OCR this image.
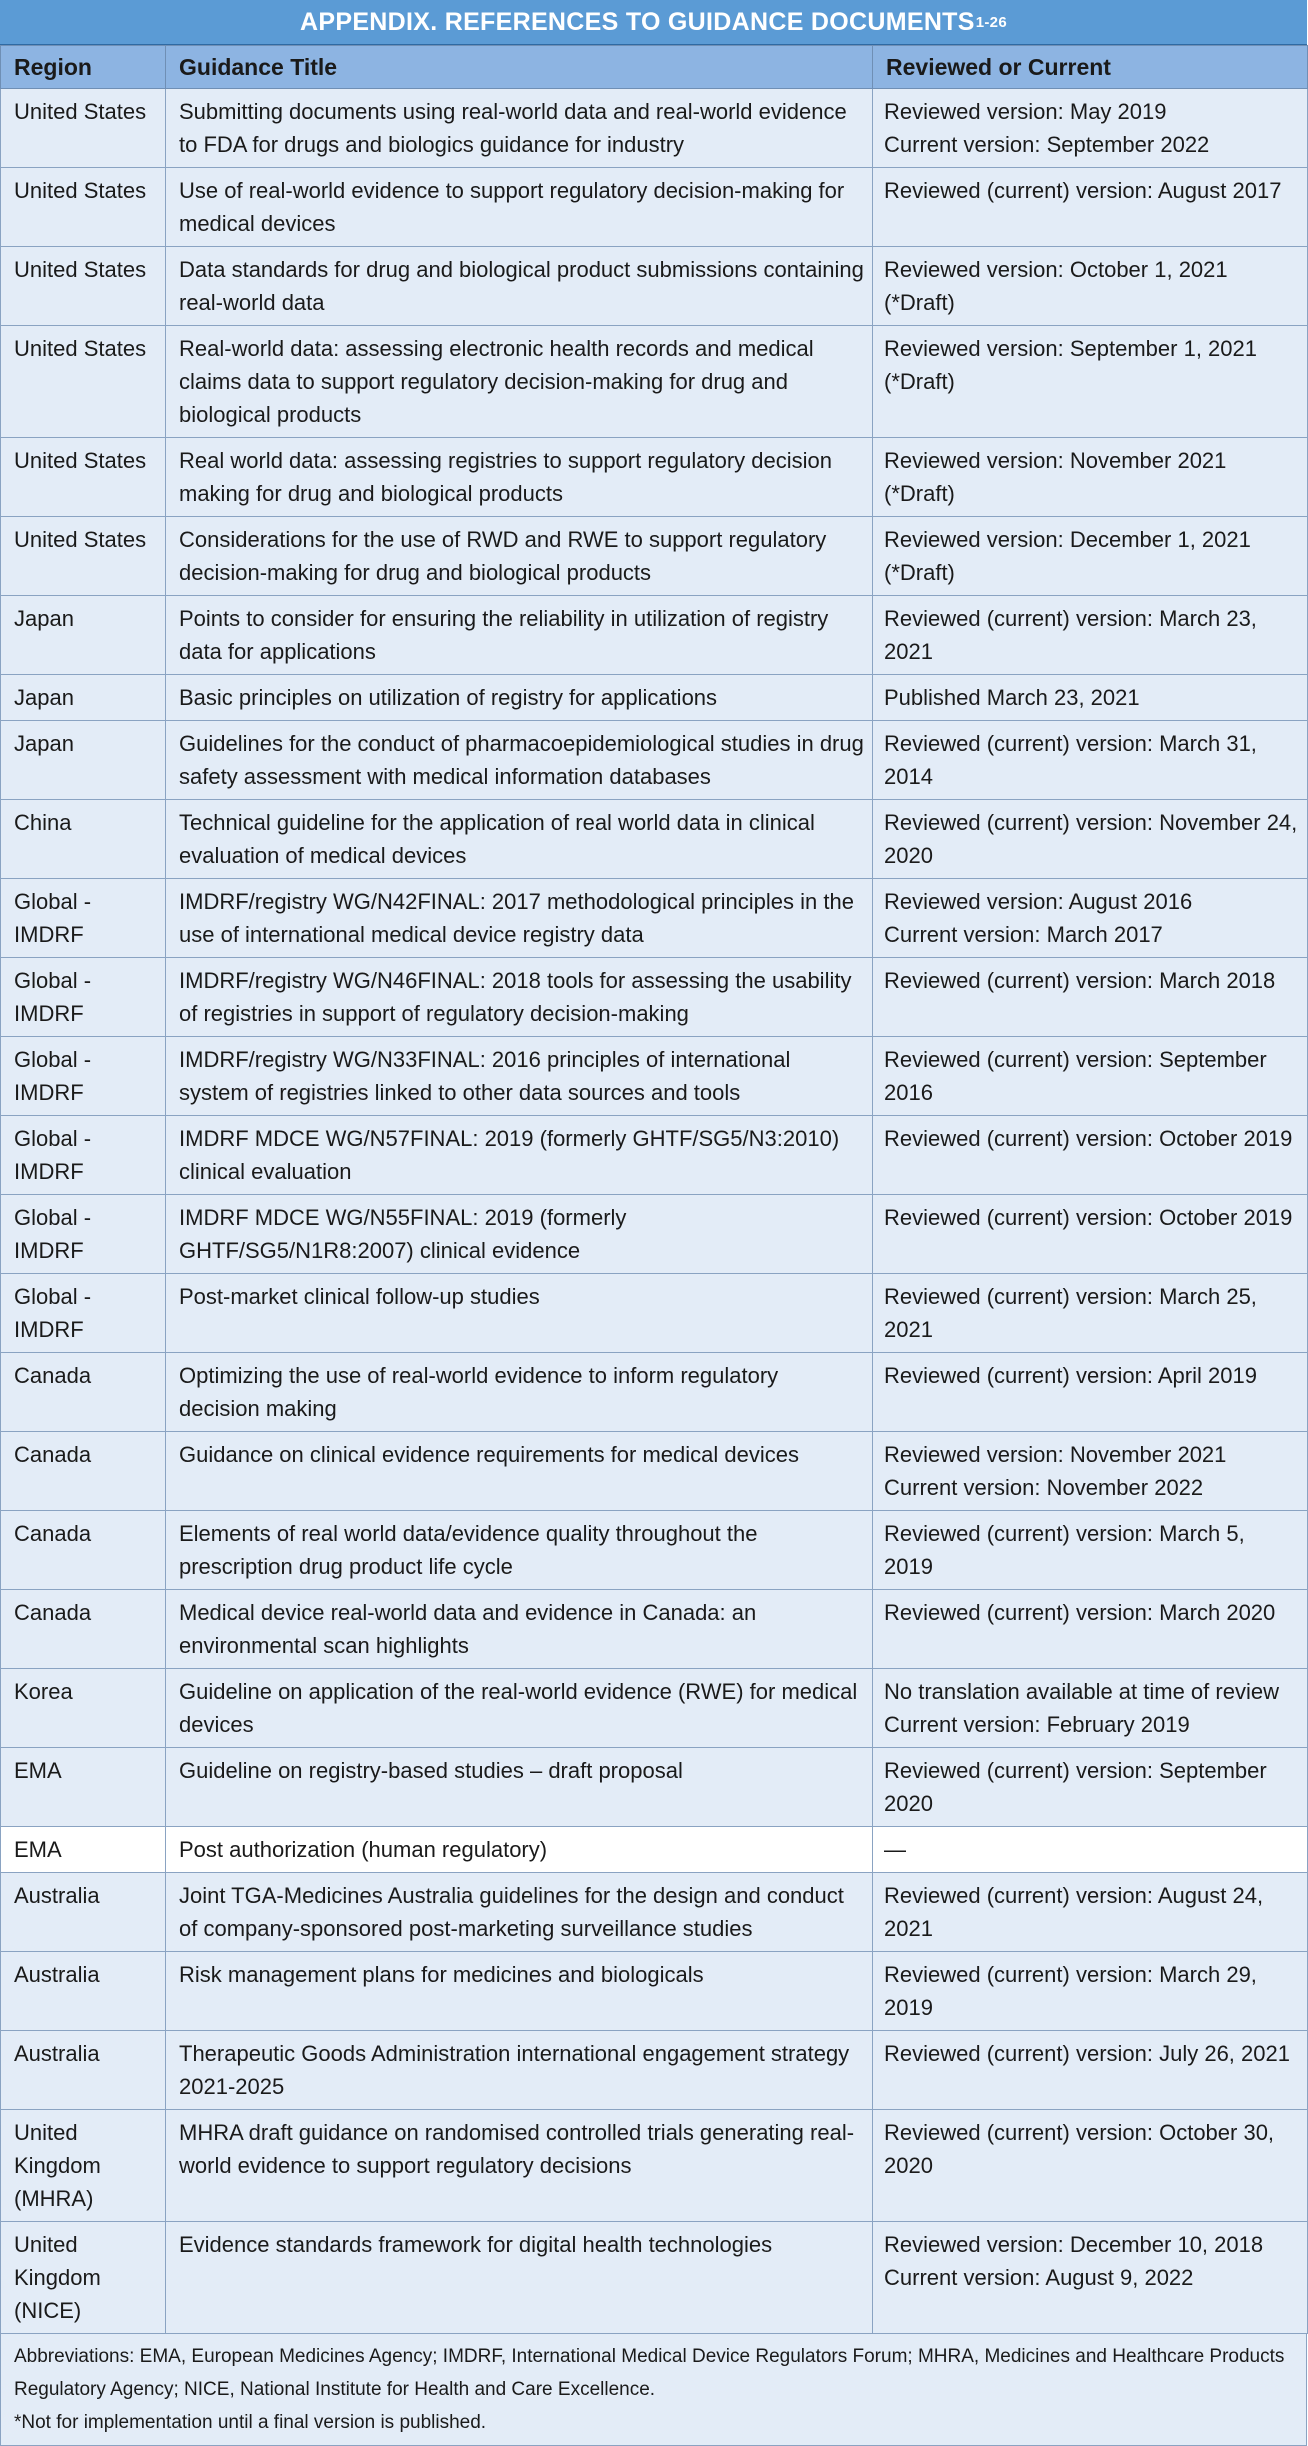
APPENDIX. REFERENCES TO GUIDANCE DOCUMENTS 1-26
Region	Guidance Title	Reviewed or Current
United States	Submitting documents using real-world data and real-world evidence to FDA for drugs and biologics guidance for industry	Reviewed version: May 2019
Current version: September 2022

United States	Use of real-world evidence to support regulatory decision-making for medical devices	Reviewed (current) version: August 2017

United States	Data standards for drug and biological product submissions containing real-world data	Reviewed version: October 1, 2021 (*Draft)

United States	Real-world data: assessing electronic health records and medical claims data to support regulatory decision-making for drug and biological products	Reviewed version: September 1, 2021 (*Draft)

United States	Real world data: assessing registries to support regulatory decision making for drug and biological products	Reviewed version: November 2021 (*Draft)

United States	Considerations for the use of RWD and RWE to support regulatory decision-making for drug and biological products	Reviewed version: December 1, 2021 (*Draft)

Japan	Points to consider for ensuring the reliability in utilization of registry data for applications	Reviewed (current) version: March 23, 2021

Japan	Basic principles on utilization of registry for applications	Published March 23, 2021

Japan	Guidelines for the conduct of pharmacoepidemiological studies in drug safety assessment with medical information databases	Reviewed (current) version: March 31, 2014

China	Technical guideline for the application of real world data in clinical evaluation of medical devices	Reviewed (current) version: November 24, 2020

Global - IMDRF	IMDRF/registry WG/N42FINAL: 2017 methodological principles in the use of international medical device registry data	Reviewed version: August 2016
Current version: March 2017

Global - IMDRF	IMDRF/registry WG/N46FINAL: 2018 tools for assessing the usability of registries in support of regulatory decision-making	Reviewed (current) version: March 2018

Global - IMDRF	IMDRF/registry WG/N33FINAL: 2016 principles of international system of registries linked to other data sources and tools	Reviewed (current) version: September 2016

Global - IMDRF	IMDRF MDCE WG/N57FINAL: 2019 (formerly GHTF/SG5/N3:2010) clinical evaluation	Reviewed (current) version: October 2019

Global - IMDRF	IMDRF MDCE WG/N55FINAL: 2019 (formerly GHTF/SG5/N1R8:2007) clinical evidence	Reviewed (current) version: October 2019

Global - IMDRF	Post-market clinical follow-up studies	Reviewed (current) version: March 25, 2021

Canada	Optimizing the use of real-world evidence to inform regulatory decision making	Reviewed (current) version: April 2019

Canada	Guidance on clinical evidence requirements for medical devices	Reviewed version: November 2021
Current version: November 2022

Canada	Elements of real world data/evidence quality throughout the prescription drug product life cycle	Reviewed (current) version: March 5, 2019

Canada	Medical device real-world data and evidence in Canada: an environmental scan highlights	Reviewed (current) version: March 2020

Korea	Guideline on application of the real-world evidence (RWE) for medical devices	No translation available at time of review
Current version: February 2019

EMA	Guideline on registry-based studies – draft proposal	Reviewed (current) version: September 2020

EMA	Post authorization (human regulatory)	—

Australia	Joint TGA-Medicines Australia guidelines for the design and conduct of company-sponsored post-marketing surveillance studies	Reviewed (current) version: August 24, 2021

Australia	Risk management plans for medicines and biologicals	Reviewed (current) version: March 29, 2019

Australia	Therapeutic Goods Administration international engagement strategy 2021-2025	Reviewed (current) version: July 26, 2021

United Kingdom (MHRA)	MHRA draft guidance on randomised controlled trials generating real-world evidence to support regulatory decisions	Reviewed (current) version: October 30, 2020

United Kingdom (NICE)	Evidence standards framework for digital health technologies	Reviewed version: December 10, 2018
Current version: August 9, 2022
Abbreviations: EMA, European Medicines Agency; IMDRF, International Medical Device Regulators Forum; MHRA, Medicines and Healthcare Products Regulatory Agency; NICE, National Institute for Health and Care Excellence.
*Not for implementation until a final version is published.
